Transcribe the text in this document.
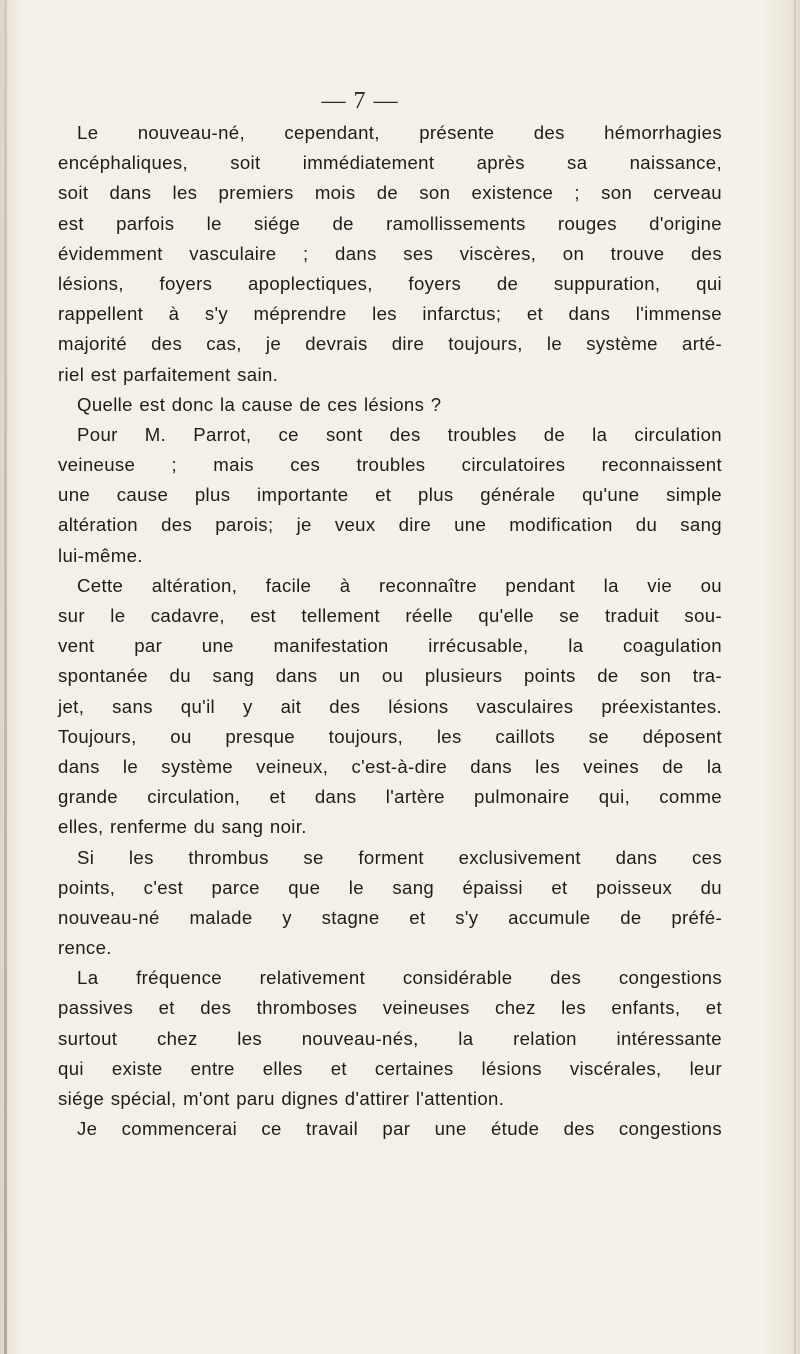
— 7 —
Le nouveau-né, cependant, présente des hémorrhagies
encéphaliques, soit immédiatement après sa naissance,
soit dans les premiers mois de son existence ; son cerveau
est parfois le siége de ramollissements rouges d'origine
évidemment vasculaire ; dans ses viscères, on trouve des
lésions, foyers apoplectiques, foyers de suppuration, qui
rappellent à s'y méprendre les infarctus; et dans l'immense
majorité des cas, je devrais dire toujours, le système arté-
riel est parfaitement sain.
Quelle est donc la cause de ces lésions ?
Pour M. Parrot, ce sont des troubles de la circulation
veineuse ; mais ces troubles circulatoires reconnaissent
une cause plus importante et plus générale qu'une simple
altération des parois; je veux dire une modification du sang
lui-même.
Cette altération, facile à reconnaître pendant la vie ou
sur le cadavre, est tellement réelle qu'elle se traduit sou-
vent par une manifestation irrécusable, la coagulation
spontanée du sang dans un ou plusieurs points de son tra-
jet, sans qu'il y ait des lésions vasculaires préexistantes.
Toujours, ou presque toujours, les caillots se déposent
dans le système veineux, c'est-à-dire dans les veines de la
grande circulation, et dans l'artère pulmonaire qui, comme
elles, renferme du sang noir.
Si les thrombus se forment exclusivement dans ces
points, c'est parce que le sang épaissi et poisseux du
nouveau-né malade y stagne et s'y accumule de préfé-
rence.
La fréquence relativement considérable des congestions
passives et des thromboses veineuses chez les enfants, et
surtout chez les nouveau-nés, la relation intéressante
qui existe entre elles et certaines lésions viscérales, leur
siége spécial, m'ont paru dignes d'attirer l'attention.
Je commencerai ce travail par une étude des congestions
